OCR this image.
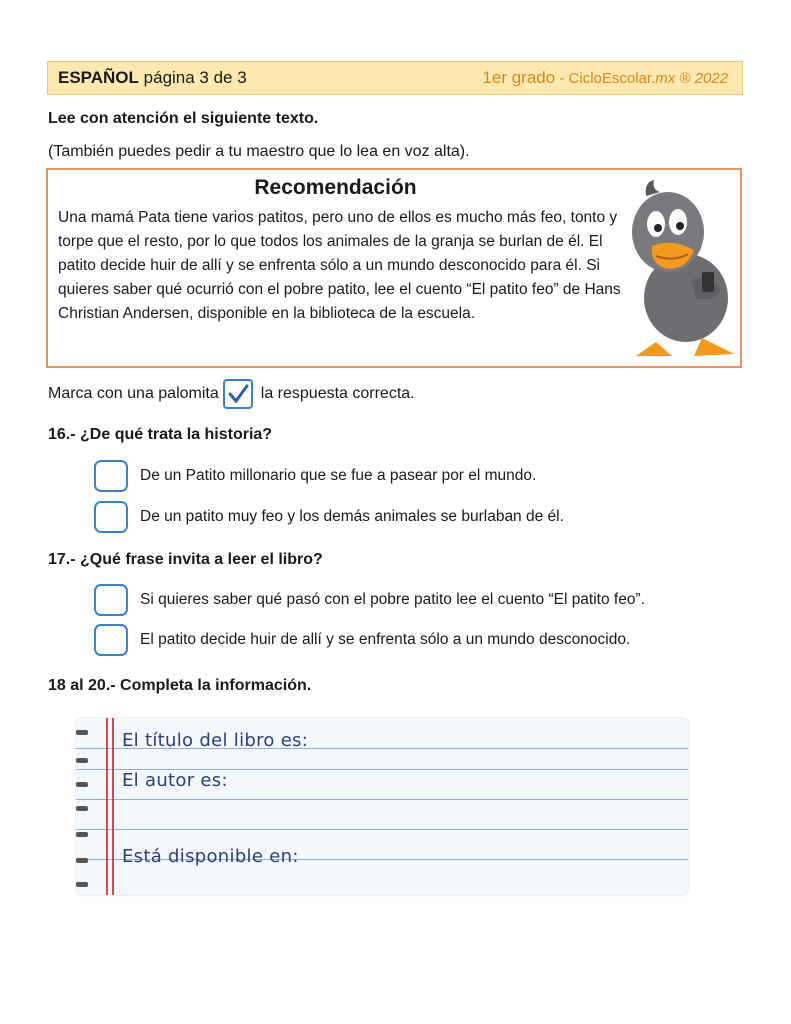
ESPAÑOL página 3 de 3	1er grado - CicloEscolar.mx ® 2022
Lee con atención el siguiente texto.
(También puedes pedir a tu maestro que lo lea en voz alta).
Recomendación
Una mamá Pata tiene varios patitos, pero uno de ellos es mucho más feo, tonto y torpe que el resto, por lo que todos los animales de la granja se burlan de él. El patito decide huir de allí y se enfrenta sólo a un mundo desconocido para él. Si quieres saber qué ocurrió con el pobre patito, lee el cuento “El patito feo” de Hans Christian Andersen, disponible en la biblioteca de la escuela.
Marca con una palomita	la respuesta correcta.
16.- ¿De qué trata la historia?
De un Patito millonario que se fue a pasear por el mundo.
De un patito muy feo y los demás animales se burlaban de él.
17.- ¿Qué frase invita a leer el libro?
Si quieres saber qué pasó con el pobre patito lee el cuento “El patito feo”.
El patito decide huir de allí y se enfrenta sólo a un mundo desconocido.
18 al 20.- Completa la información.
El título del libro es:
El autor es:
Está disponible en:
